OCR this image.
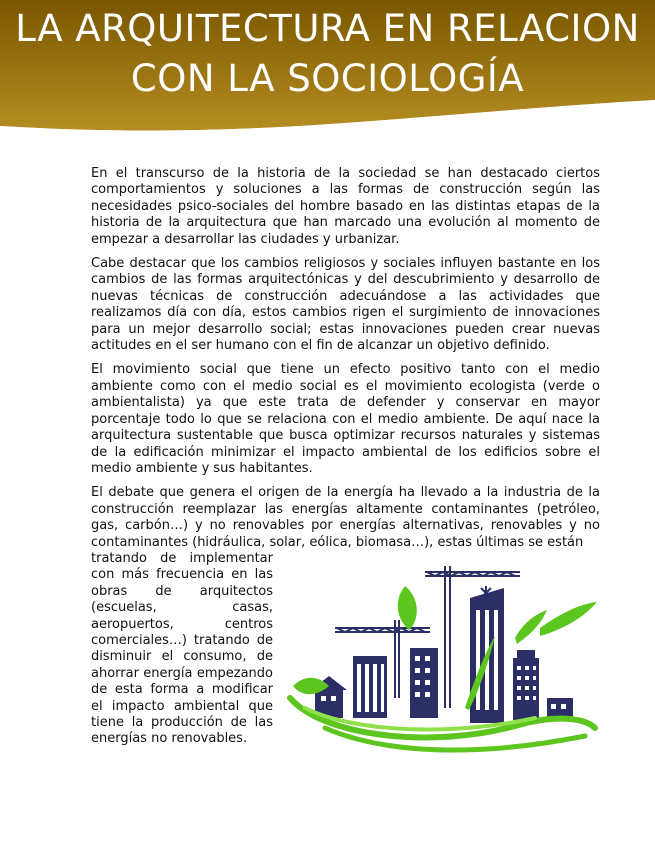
LA ARQUITECTURA EN RELACION CON LA SOCIOLOGÍA

En el transcurso de la historia de la sociedad se han destacado ciertos comportamientos y soluciones a las formas de construcción según las necesidades psico-sociales del hombre basado en las distintas etapas de la historia de la arquitectura que han marcado una evolución al momento de empezar a desarrollar las ciudades y urbanizar.

Cabe destacar que los cambios religiosos y sociales influyen bastante en los cambios de las formas arquitectónicas y del descubrimiento y desarrollo de nuevas técnicas de construcción adecuándose a las actividades que realizamos día con día, estos cambios rigen el surgimiento de innovaciones para un mejor desarrollo social; estas innovaciones pueden crear nuevas actitudes en el ser humano con el fin de alcanzar un objetivo definido.

El movimiento social que tiene un efecto positivo tanto con el medio ambiente como con el medio social es el movimiento ecologista (verde o ambientalista) ya que este trata de defender y conservar en mayor porcentaje todo lo que se relaciona con el medio ambiente. De aquí nace la arquitectura sustentable que busca optimizar recursos naturales y sistemas de la edificación minimizar el impacto ambiental de los edificios sobre el medio ambiente y sus habitantes.

El debate que genera el origen de la energía ha llevado a la industria de la construcción reemplazar las energías altamente contaminantes (petróleo, gas, carbón…) y no renovables por energías alternativas, renovables y no contaminantes (hidráulica, solar, eólica, biomasa…), estas últimas se están

tratando de implementar con más frecuencia en las obras de arquitectos (escuelas, casas, aeropuertos, centros comerciales…) tratando de disminuir el consumo, de ahorrar energía empezando de esta forma a modificar el impacto ambiental que tiene la producción de las energías no renovables.
